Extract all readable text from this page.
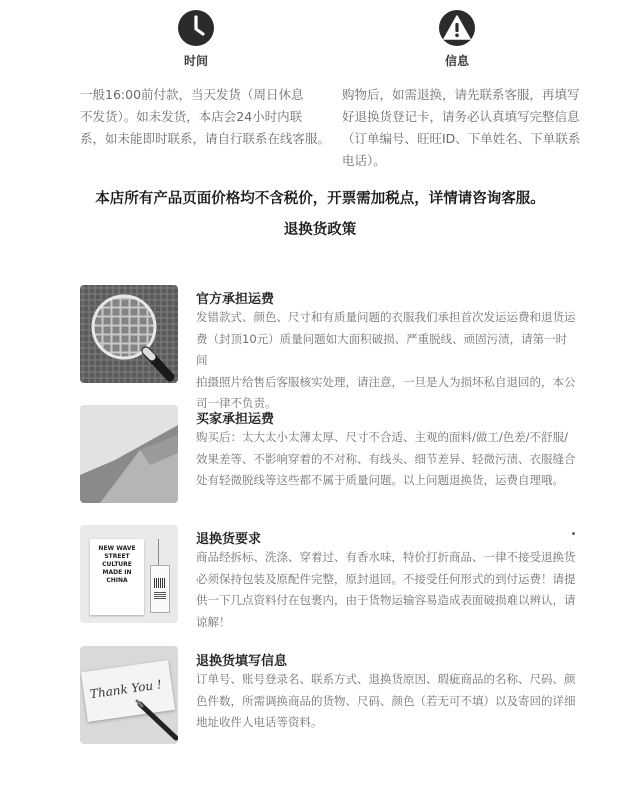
时间
一般16:00前付款，当天发货（周日休息
不发货）。如未发货，本店会24小时内联
系，如未能即时联系，请自行联系在线客服。
信息
购物后，如需退换，请先联系客服，再填写
好退换货登记卡，请务必认真填写完整信息
（订单编号、旺旺ID、下单姓名、下单联系
电话）。
本店所有产品页面价格均不含税价，开票需加税点，详情请咨询客服。
退换货政策
官方承担运费
发错款式、颜色、尺寸和有质量问题的衣服我们承担首次发运运费和退货运
费（封顶10元）质量问题如大面积破损、严重脱线、顽固污渍，请第一时间
拍摄照片给售后客服核实处理，请注意，一旦是人为损坏私自退回的，本公
司一律不负责。
买家承担运费
购买后：太大太小太薄太厚、尺寸不合适、主观的面料/做工/色差/不舒服/
效果差等、不影响穿着的不对称、有线头、细节差异、轻微污渍、衣服缝合
处有轻微脱线等这些都不属于质量问题。以上问题退换货，运费自理哦。
NEW WAVE
STREET
CULTURE
MADE IN
CHINA
退换货要求
商品经拆标、洗涤、穿着过、有香水味，特价打折商品、一律不接受退换货
必须保持包装及原配件完整，原封退回。不接受任何形式的到付运费！请提
供一下几点资料付在包裹内，由于货物运输容易造成表面破损难以辨认，请
谅解！
Thank You !
退换货填写信息
订单号、账号登录名、联系方式、退换货原因、瑕疵商品的名称、尺码、颜
色件数，所需调换商品的货物、尺码、颜色（若无可不填）以及寄回的详细
地址收件人电话等资料。
